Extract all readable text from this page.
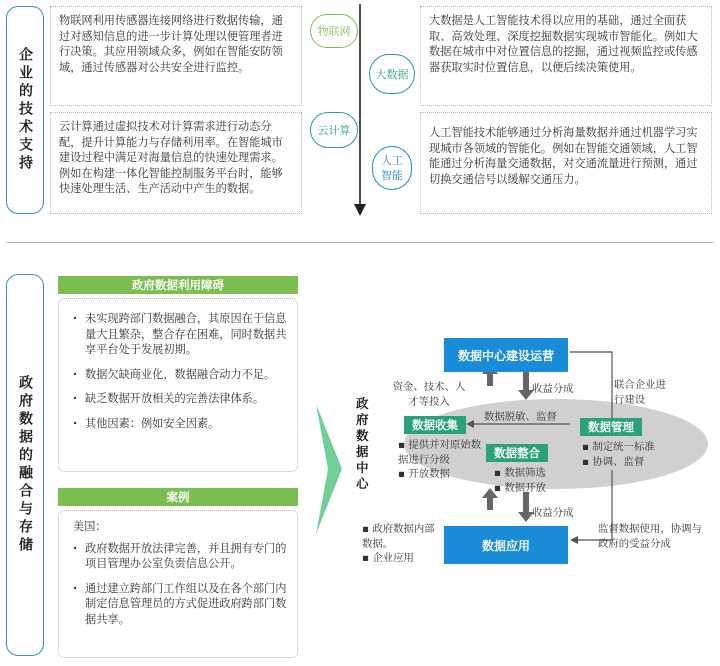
企业的技术支持
物联网利用传感器连接网络进行数据传输，通过对感知信息的进一步计算处理以便管理者进行决策。其应用领域众多，例如在智能安防领域，通过传感器对公共安全进行监控。
云计算通过虚拟技术对计算需求进行动态分配，提升计算能力与存储利用率。在智能城市建设过程中满足对海量信息的快速处理需求。例如在构建一体化智能控制服务平台时，能够快速处理生活、生产活动中产生的数据。
大数据是人工智能技术得以应用的基础，通过全面获取、高效处理、深度挖掘数据实现城市智能化。例如大数据在城市中对位置信息的挖掘，通过视频监控或传感器获取实时位置信息，以便后续决策使用。
人工智能技术能够通过分析海量数据并通过机器学习实现城市各领域的智能化。例如在智能交通领域，人工智能通过分析海量交通数据，对交通流量进行预测，通过切换交通信号以缓解交通压力。
物联网
大数据
云计算
人工智能
政府数据的融合与存储
政府数据利用障碍
· 未实现跨部门数据融合，其原因在于信息量大且繁杂，整合存在困难，同时数据共享平台处于发展初期。
· 数据欠缺商业化，数据融合动力不足。
· 缺乏数据开放相关的完善法律体系。
· 其他因素：例如安全因素。
案例
美国：
· 政府数据开放法律完善，并且拥有专门的项目管理办公室负责信息公开。
· 通过建立跨部门工作组以及在各个部门内制定信息管理员的方式促进政府跨部门数据共享。
数据中心建设运营
数据应用
政府数据中心
数据收集	数据管理
数据整合
▪ 提供并对原始数据进行分级
▪ 开放数据
▪ 制定统一标准
▪ 协调、监督
▪ 数据筛选
▪ 数据开放
数据脱敏、监督
资金、技术、人才等投入
收益分成	联合企业进行建设
收益分成
▪ 政府数据内部数据。
▪ 企业应用
监督数据使用，协调与政府的受益分成
